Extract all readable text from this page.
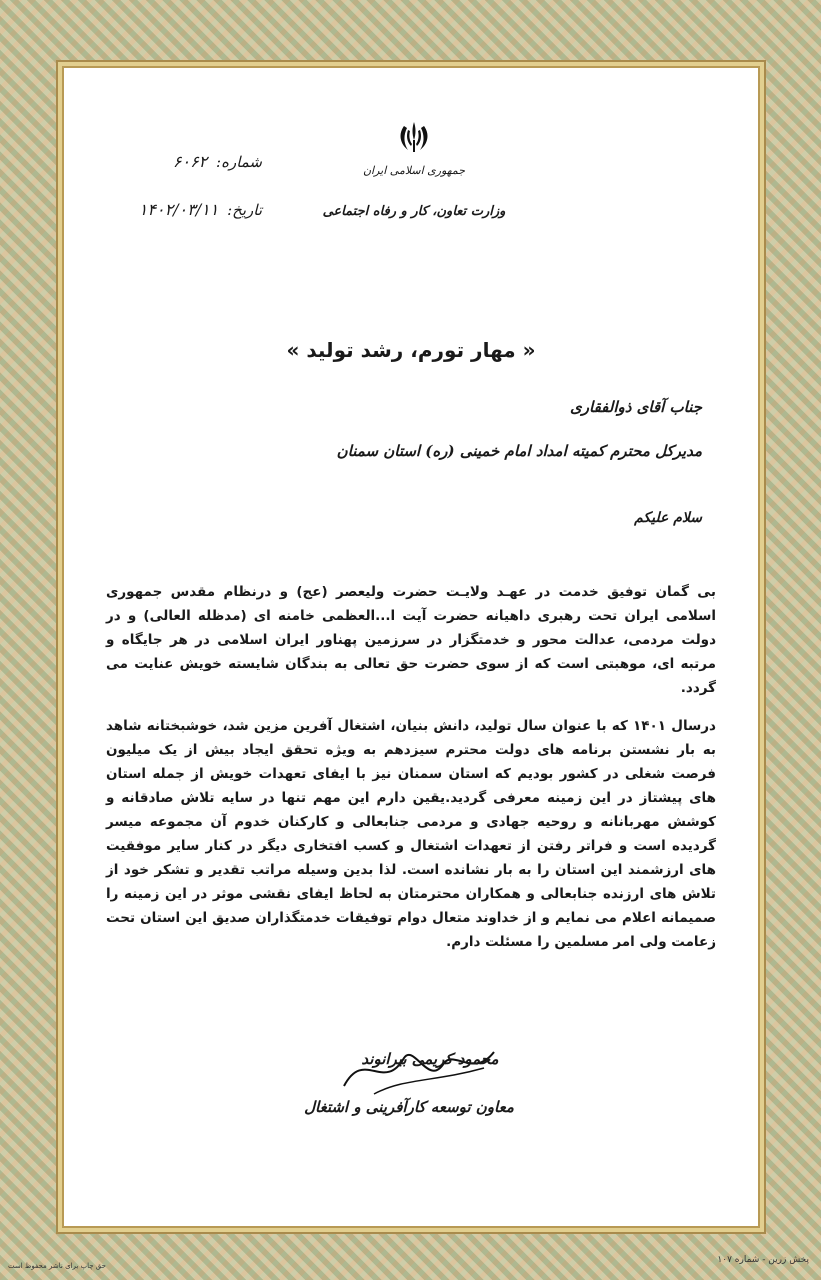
جمهوری اسلامی ایران
وزارت تعاون، کار و رفاه اجتماعی
شماره: ۶۰۶۲
تاریخ: ۱۴۰۲/۰۳/۱۱
« مهار تورم، رشد تولید »
جناب آقای ذوالفقاری
مدیرکل محترم کمیته امداد امام خمینی (ره) استان سمنان
سلام علیکم

بی گمان توفیق خدمت در عهـد ولایـت حضرت ولیعصر (عج) و درنظام مقدس جمهوری اسلامی ایران تحت رهبری داهیانه حضرت آیت ا...العظمی خامنه ای (مدظله العالی) و در دولت مردمی، عدالت محور و خدمتگزار در سرزمین پهناور ایران اسلامی در هر جایگاه و مرتبه ای، موهبتی است که از سوی حضرت حق تعالی به بندگان شایسته خویش عنایت می گردد.

درسال ۱۴۰۱ که با عنوان سال تولید، دانش بنیان، اشتغال آفرین مزین شد، خوشبختانه شاهد به بار نشستن برنامه های دولت محترم سیزدهم به ویژه تحقق ایجاد بیش از یک میلیون فرصت شغلی در کشور بودیم که استان سمنان نیز با ایفای تعهدات خویش از جمله استان های پیشتاز در این زمینه معرفی گردید.یقین دارم این مهم تنها در سایه تلاش صادقانه و کوشش مهربانانه و روحیه جهادی و مردمی جنابعالی و کارکنان خدوم آن مجموعه میسر گردیده است و فراتر رفتن از تعهدات اشتغال و کسب افتخاری دیگر در کنار سایر موفقیت های ارزشمند این استان را به بار نشانده است. لذا بدین وسیله مراتب تقدیر و تشکر خود از تلاش های ارزنده جنابعالی و همکاران محترمتان به لحاظ ایفای نقشی موثر در این زمینه را صمیمانه اعلام می نمایم و از خداوند متعال دوام توفیقات خدمتگذاران صدیق این استان تحت زعامت ولی امر مسلمین را مسئلت دارم.

محمود کریمی بیرانوند
معاون توسعه کارآفرینی و اشتغال
پخش زرین - شماره ۱۰۷
حق چاپ برای ناشر محفوظ است
